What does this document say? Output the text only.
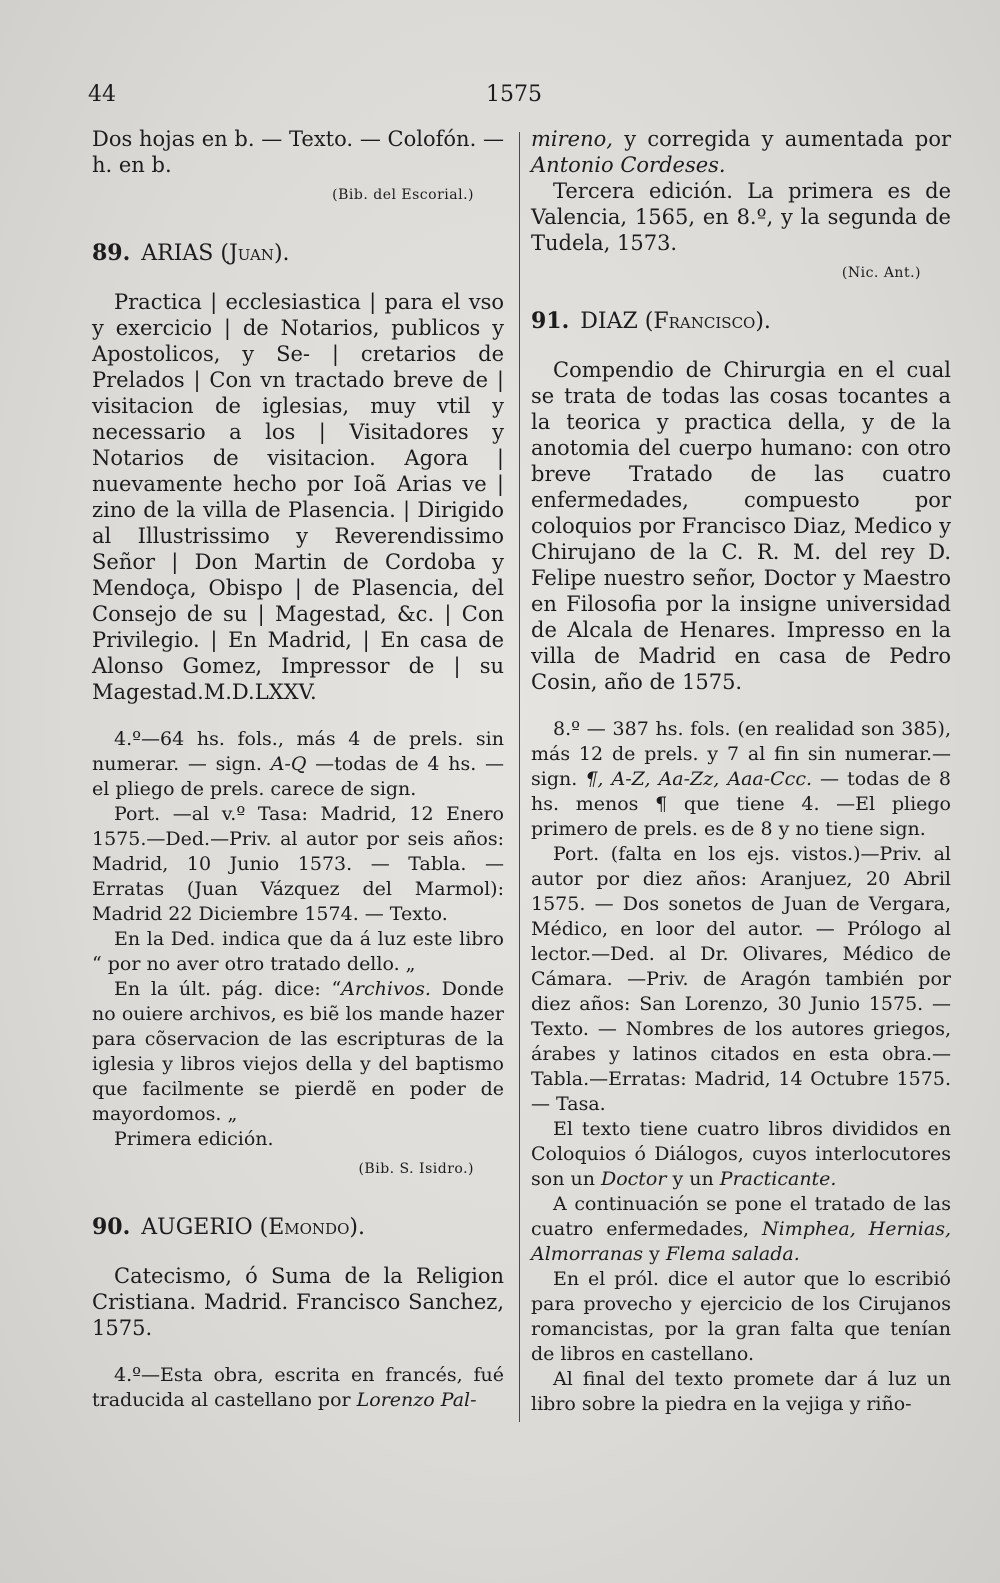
44	1575

Dos hojas en b. — Texto. — Colofón. — h. en b.

(Bib. del Escorial.)
89. ARIAS (Juan).

Practica | ecclesiastica | para el vso y exercicio | de Notarios, publicos y Apostolicos, y Se- | cretarios de Prelados | Con vn tractado breve de | visitacion de iglesias, muy vtil y necessario a los | Visitadores y Notarios de visitacion. Agora | nuevamente hecho por Ioã Arias ve | zino de la villa de Plasencia. | Dirigido al Illustrissimo y Reverendissimo Señor | Don Martin de Cordoba y Mendoça, Obispo | de Plasencia, del Consejo de su | Magestad, &c. | Con Privilegio. | En Madrid, | En casa de Alonso Gomez, Impressor de | su Magestad.M.D.LXXV.

4.º—64 hs. fols., más 4 de prels. sin numerar. — sign. A-Q —todas de 4 hs. — el pliego de prels. carece de sign.

Port. —al v.º Tasa: Madrid, 12 Enero 1575.—Ded.—Priv. al autor por seis años: Madrid, 10 Junio 1573. — Tabla. — Erratas (Juan Vázquez del Marmol): Madrid 22 Diciembre 1574. — Texto.

En la Ded. indica que da á luz este libro “ por no aver otro tratado dello. „

En la últ. pág. dice: “Archivos. Donde no ouiere archivos, es biẽ los mande hazer para cõservacion de las escripturas de la iglesia y libros viejos della y del baptismo que facilmente se pierdẽ en poder de mayordomos. „

Primera edición.

(Bib. S. Isidro.)
90. AUGERIO (Emondo).

Catecismo, ó Suma de la Religion Cristiana. Madrid. Francisco Sanchez, 1575.

4.º—Esta obra, escrita en francés, fué traducida al castellano por Lorenzo Pal-

mireno, y corregida y aumentada por Antonio Cordeses.

Tercera edición. La primera es de Valencia, 1565, en 8.º, y la segunda de Tudela, 1573.

(Nic. Ant.)
91. DIAZ (Francisco).

Compendio de Chirurgia en el cual se trata de todas las cosas tocantes a la teorica y practica della, y de la anotomia del cuerpo humano: con otro breve Tratado de las cuatro enfermedades, compuesto por coloquios por Francisco Diaz, Medico y Chirujano de la C. R. M. del rey D. Felipe nuestro señor, Doctor y Maestro en Filosofia por la insigne universidad de Alcala de Henares. Impresso en la villa de Madrid en casa de Pedro Cosin, año de 1575.

8.º — 387 hs. fols. (en realidad son 385), más 12 de prels. y 7 al fin sin numerar.— sign. ¶, A-Z, Aa-Zz, Aaa-Ccc. — todas de 8 hs. menos ¶ que tiene 4. —El pliego primero de prels. es de 8 y no tiene sign.

Port. (falta en los ejs. vistos.)—Priv. al autor por diez años: Aranjuez, 20 Abril 1575. — Dos sonetos de Juan de Vergara, Médico, en loor del autor. — Prólogo al lector.—Ded. al Dr. Olivares, Médico de Cámara. —Priv. de Aragón también por diez años: San Lorenzo, 30 Junio 1575. — Texto. — Nombres de los autores griegos, árabes y latinos citados en esta obra.—Tabla.—Erratas: Madrid, 14 Octubre 1575. — Tasa.

El texto tiene cuatro libros divididos en Coloquios ó Diálogos, cuyos interlocutores son un Doctor y un Practicante.

A continuación se pone el tratado de las cuatro enfermedades, Nimphea, Hernias, Almorranas y Flema salada.

En el pról. dice el autor que lo escribió para provecho y ejercicio de los Cirujanos romancistas, por la gran falta que tenían de libros en castellano.

Al final del texto promete dar á luz un libro sobre la piedra en la vejiga y riño-
